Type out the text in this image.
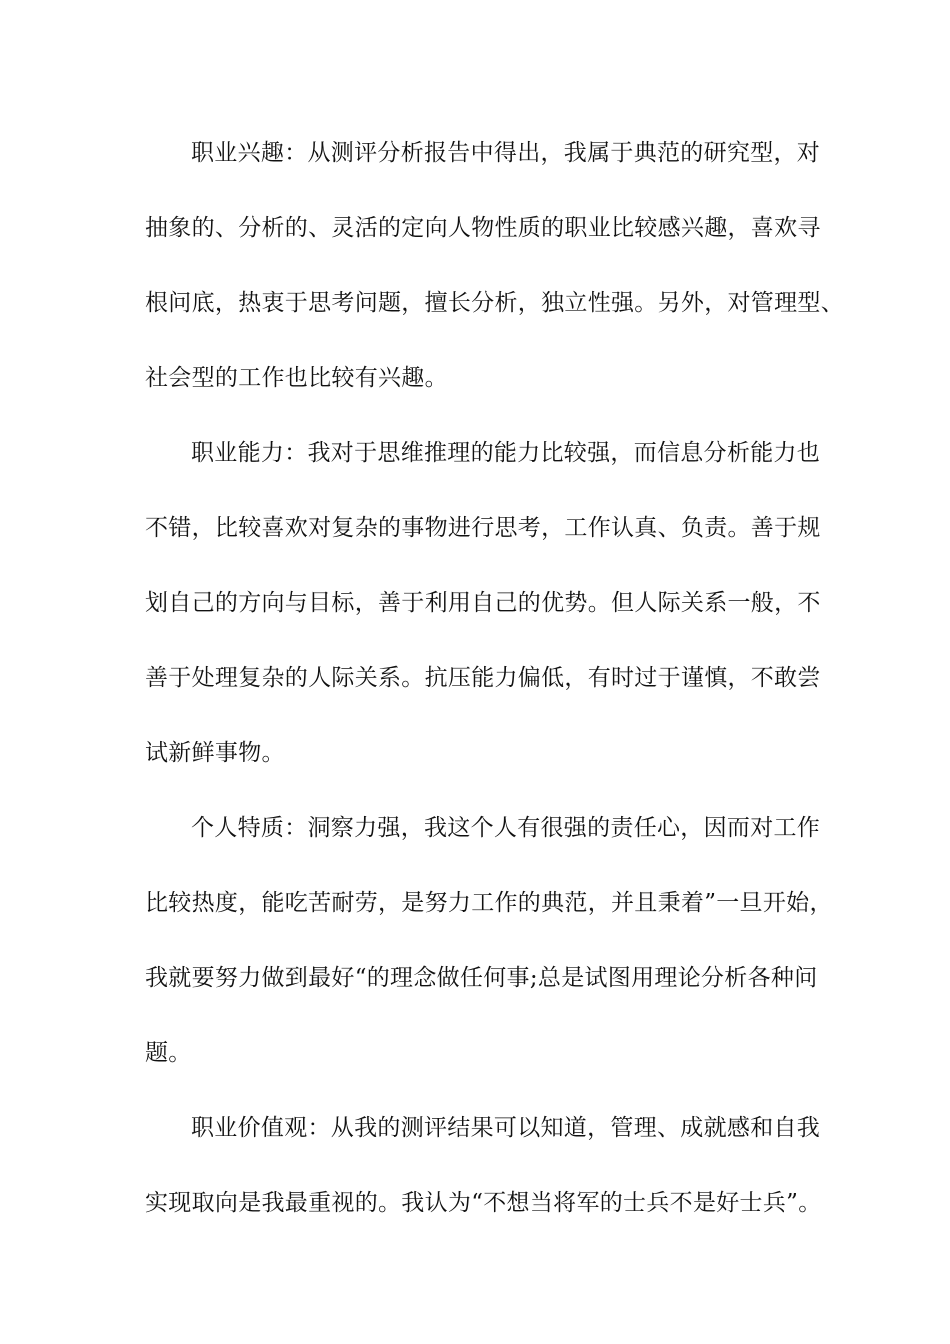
职业兴趣：从测评分析报告中得出，我属于典范的研究型，对
抽象的、分析的、灵活的定向人物性质的职业比较感兴趣，喜欢寻
根问底，热衷于思考问题，擅长分析，独立性强。另外，对管理型、
社会型的工作也比较有兴趣。
职业能力：我对于思维推理的能力比较强，而信息分析能力也
不错，比较喜欢对复杂的事物进行思考，工作认真、负责。善于规
划自己的方向与目标，善于利用自己的优势。但人际关系一般，不
善于处理复杂的人际关系。抗压能力偏低，有时过于谨慎，不敢尝
试新鲜事物。
个人特质：洞察力强，我这个人有很强的责任心，因而对工作
比较热度，能吃苦耐劳，是努力工作的典范，并且秉着”一旦开始，
我就要努力做到最好“的理念做任何事;总是试图用理论分析各种问
题。
职业价值观：从我的测评结果可以知道，管理、成就感和自我
实现取向是我最重视的。我认为“不想当将军的士兵不是好士兵”。
